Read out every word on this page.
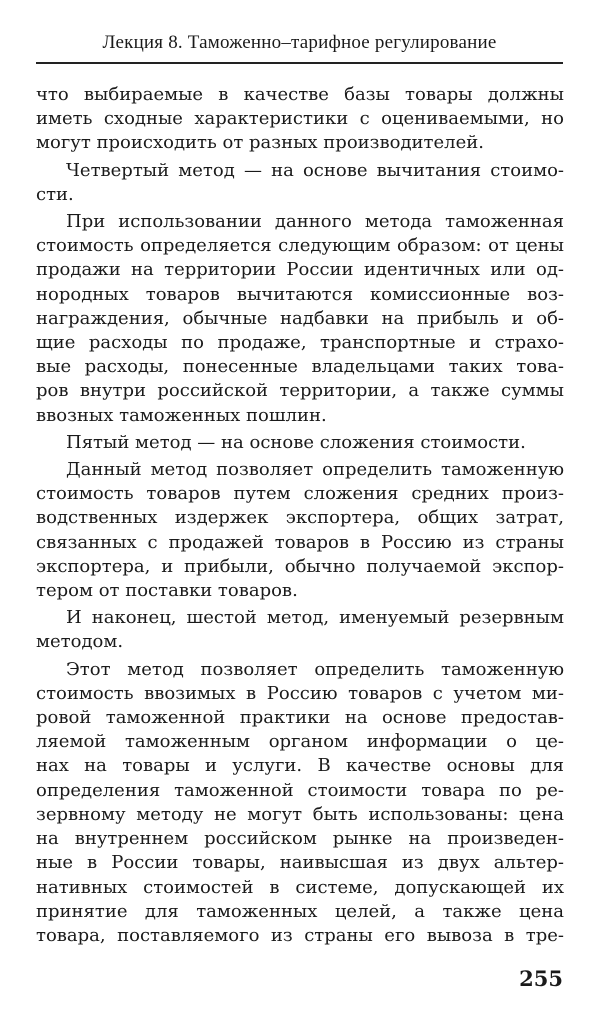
Лекция 8. Таможенно–тарифное регулирование
что выбираемые в качестве базы товары должны
иметь сходные характеристики с оцениваемыми, но
могут происходить от разных производителей.
Четвертый метод — на основе вычитания стоимо-
сти.
При использовании данного метода таможенная
стоимость определяется следующим образом: от цены
продажи на территории России идентичных или од-
нородных товаров вычитаются комиссионные воз-
награждения, обычные надбавки на прибыль и об-
щие расходы по продаже, транспортные и страхо-
вые расходы, понесенные владельцами таких това-
ров внутри российской территории, а также суммы
ввозных таможенных пошлин.
Пятый метод — на основе сложения стоимости.
Данный метод позволяет определить таможенную
стоимость товаров путем сложения средних произ-
водственных издержек экспортера, общих затрат,
связанных с продажей товаров в Россию из страны
экспортера, и прибыли, обычно получаемой экспор-
тером от поставки товаров.
И наконец, шестой метод, именуемый резервным
методом.
Этот метод позволяет определить таможенную
стоимость ввозимых в Россию товаров с учетом ми-
ровой таможенной практики на основе предостав-
ляемой таможенным органом информации о це-
нах на товары и услуги. В качестве основы для
определения таможенной стоимости товара по ре-
зервному методу не могут быть использованы: цена
на внутреннем российском рынке на произведен-
ные в России товары, наивысшая из двух альтер-
нативных стоимостей в системе, допускающей их
принятие для таможенных целей, а также цена
товара, поставляемого из страны его вывоза в тре-
255
